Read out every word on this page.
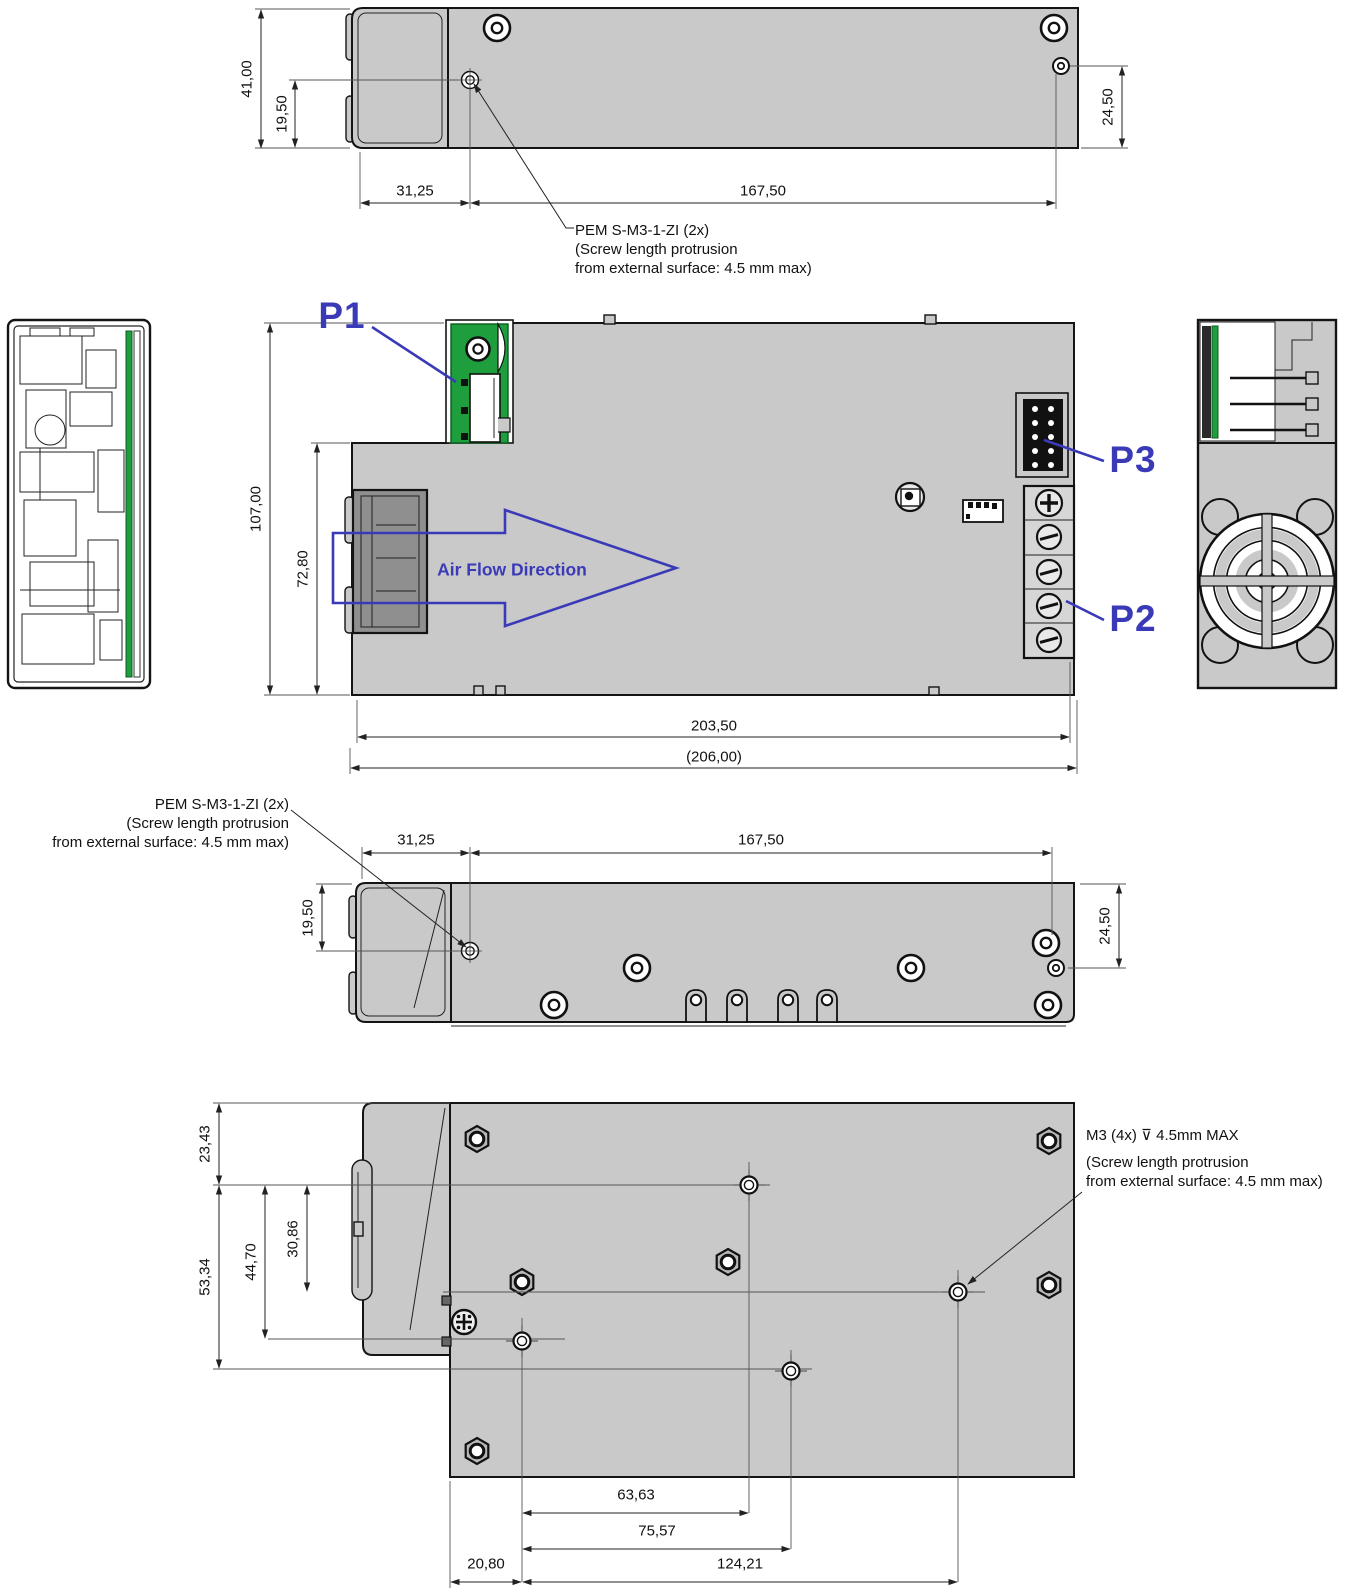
41,00
19,50
31,25	167,50
24,50
PEM S-M3-1-ZI (2x)
(Screw length protrusion
from external surface: 4.5 mm max)
P1
P3
P2
Air Flow Direction
107,00
72,80
203,50
(206,00)
PEM S-M3-1-ZI (2x)
(Screw length protrusion
from external surface: 4.5 mm max)	31,25	167,50
19,50	24,50
M3 (4x) ⊽ 4.5mm MAX
(Screw length protrusion
from external surface: 4.5 mm max)
23,43
53,34 44,70
30,86
63,63
75,57
20,80	124,21
